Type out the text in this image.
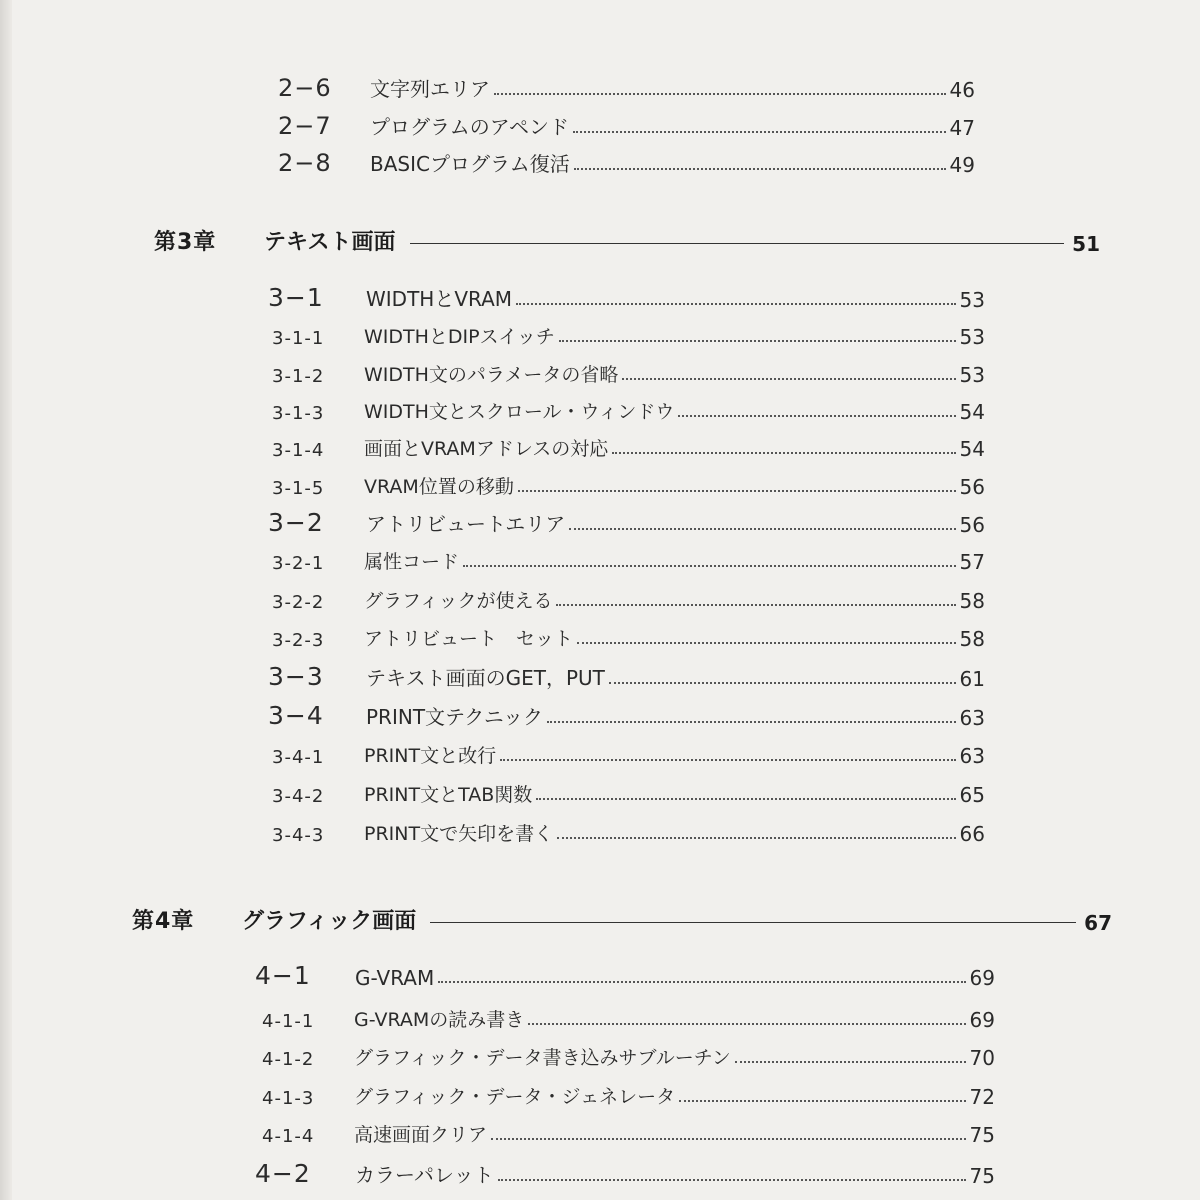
2−6	文字列エリア	46
2−7	プログラムのアペンド	47
2−8	BASICプログラム復活	49
第3章	テキスト画面	51
3−1	WIDTHとVRAM	53
3-1-1	WIDTHとDIPスイッチ	53
3-1-2	WIDTH文のパラメータの省略	53
3-1-3	WIDTH文とスクロール・ウィンドウ	54
3-1-4	画面とVRAMアドレスの対応	54
3-1-5	VRAM位置の移動	56
3−2	アトリビュートエリア	56
3-2-1	属性コード	57
3-2-2	グラフィックが使える	58
3-2-3	アトリビュート　セット	58
3−3	テキスト画面のGET，PUT	61
3−4	PRINT文テクニック	63
3-4-1	PRINT文と改行	63
3-4-2	PRINT文とTAB関数	65
3-4-3	PRINT文で矢印を書く	66
第4章	グラフィック画面	67
4−1	G-VRAM	69
4-1-1	G-VRAMの読み書き	69
4-1-2	グラフィック・データ書き込みサブルーチン	70
4-1-3	グラフィック・データ・ジェネレータ	72
4-1-4	高速画面クリア	75
4−2	カラーパレット	75
